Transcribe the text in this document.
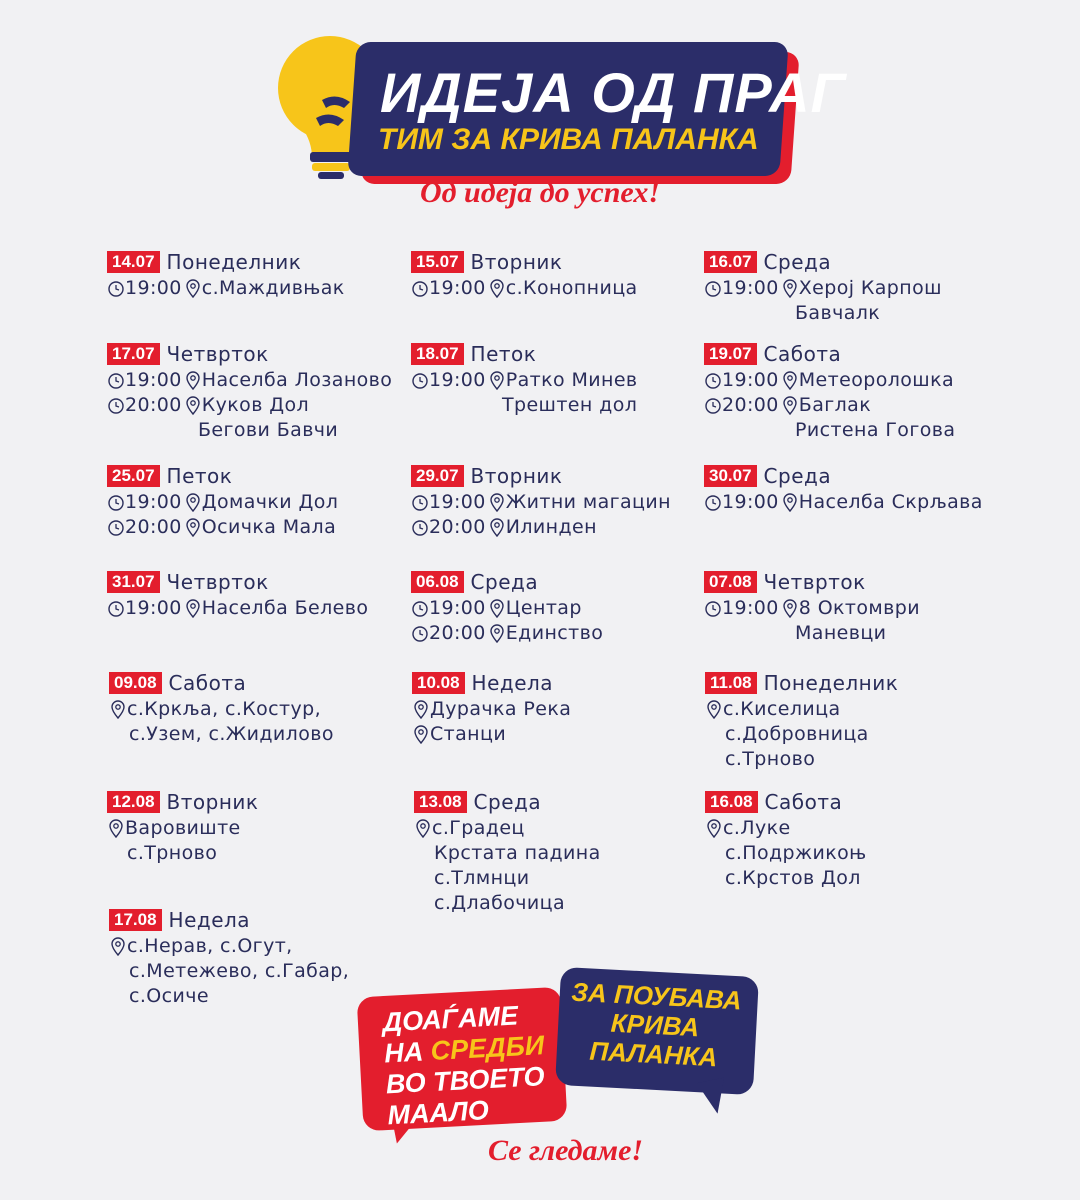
ИДЕЈА ОД ПРАГ
ТИМ ЗА КРИВА ПАЛАНКА
Од идеја до успех!
14.07 Понеделник
19:00 с.Маждивњак
15.07 Вторник
19:00 с.Конопница
16.07 Среда
19:00 Херој Карпош
Бавчалк
17.07 Четврток
19:00 Населба Лозаново
20:00 Куков Дол
Бегови Бавчи
18.07 Петок
19:00 Ратко Минев
Трештен дол
19.07 Сабота
19:00 Метеоролошка
20:00 Баглак
Ристена Гогова
25.07 Петок
19:00 Домачки Дол
20:00 Осичка Мала
29.07 Вторник
19:00 Житни магацин
20:00 Илинден
30.07 Среда
19:00 Населба Скрљава
31.07 Четврток
19:00 Населба Белево
06.08 Среда
19:00 Центар
20:00 Единство
07.08 Четврток
19:00 8 Октомври
Маневци
09.08 Сабота
с.Кркља, с.Костур,
с.Узем, с.Жидилово
10.08 Недела
Дурачка Река
Станци
11.08 Понеделник
с.Киселица
с.Добровница
с.Трново
12.08 Вторник
Варовиште
с.Трново
13.08 Среда
с.Градец
Крстата падина
с.Тлмнци
с.Длабочица
16.08 Сабота
с.Луке
с.Подржикоњ
с.Крстов Дол
17.08 Недела
с.Нерав, с.Огут,
с.Метежево, с.Габар,
с.Осиче
ДОАЃАМЕ
НА СРЕДБИ
ВО ТВОЕТО
МААЛО
ЗА ПОУБАВА
КРИВА
ПАЛАНКА
Се гледаме!
